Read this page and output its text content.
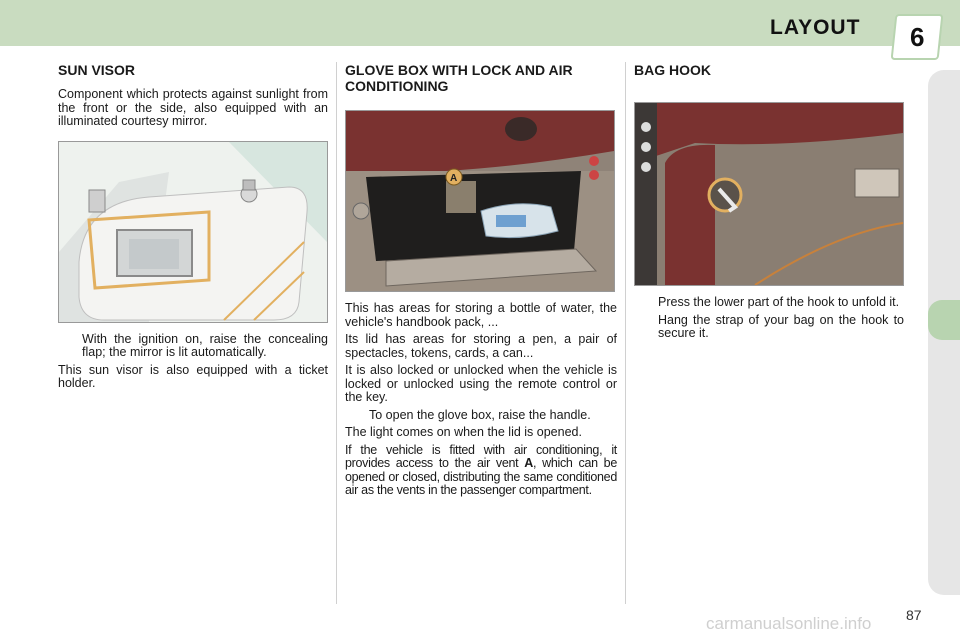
LAYOUT 6
SUN VISOR

Component which protects against sunlight from the front or the side, also equipped with an illuminated courtesy mirror.

With the ignition on, raise the concealing flap; the mirror is lit automatically.

This sun visor is also equipped with a ticket holder.

GLOVE BOX WITH LOCK AND AIR CONDITIONING
A

This has areas for storing a bottle of water, the vehicle's handbook pack, ...

Its lid has areas for storing a pen, a pair of spectacles, tokens, cards, a can...

It is also locked or unlocked when the vehicle is locked or unlocked using the remote control or the key.

To open the glove box, raise the handle.

The light comes on when the lid is opened.

If the vehicle is fitted with air conditioning, it provides access to the air vent A, which can be opened or closed, distributing the same conditioned air as the vents in the passenger compartment.

BAG HOOK

Press the lower part of the hook to unfold it.

Hang the strap of your bag on the hook to secure it.

carmanualsonline.info 87
